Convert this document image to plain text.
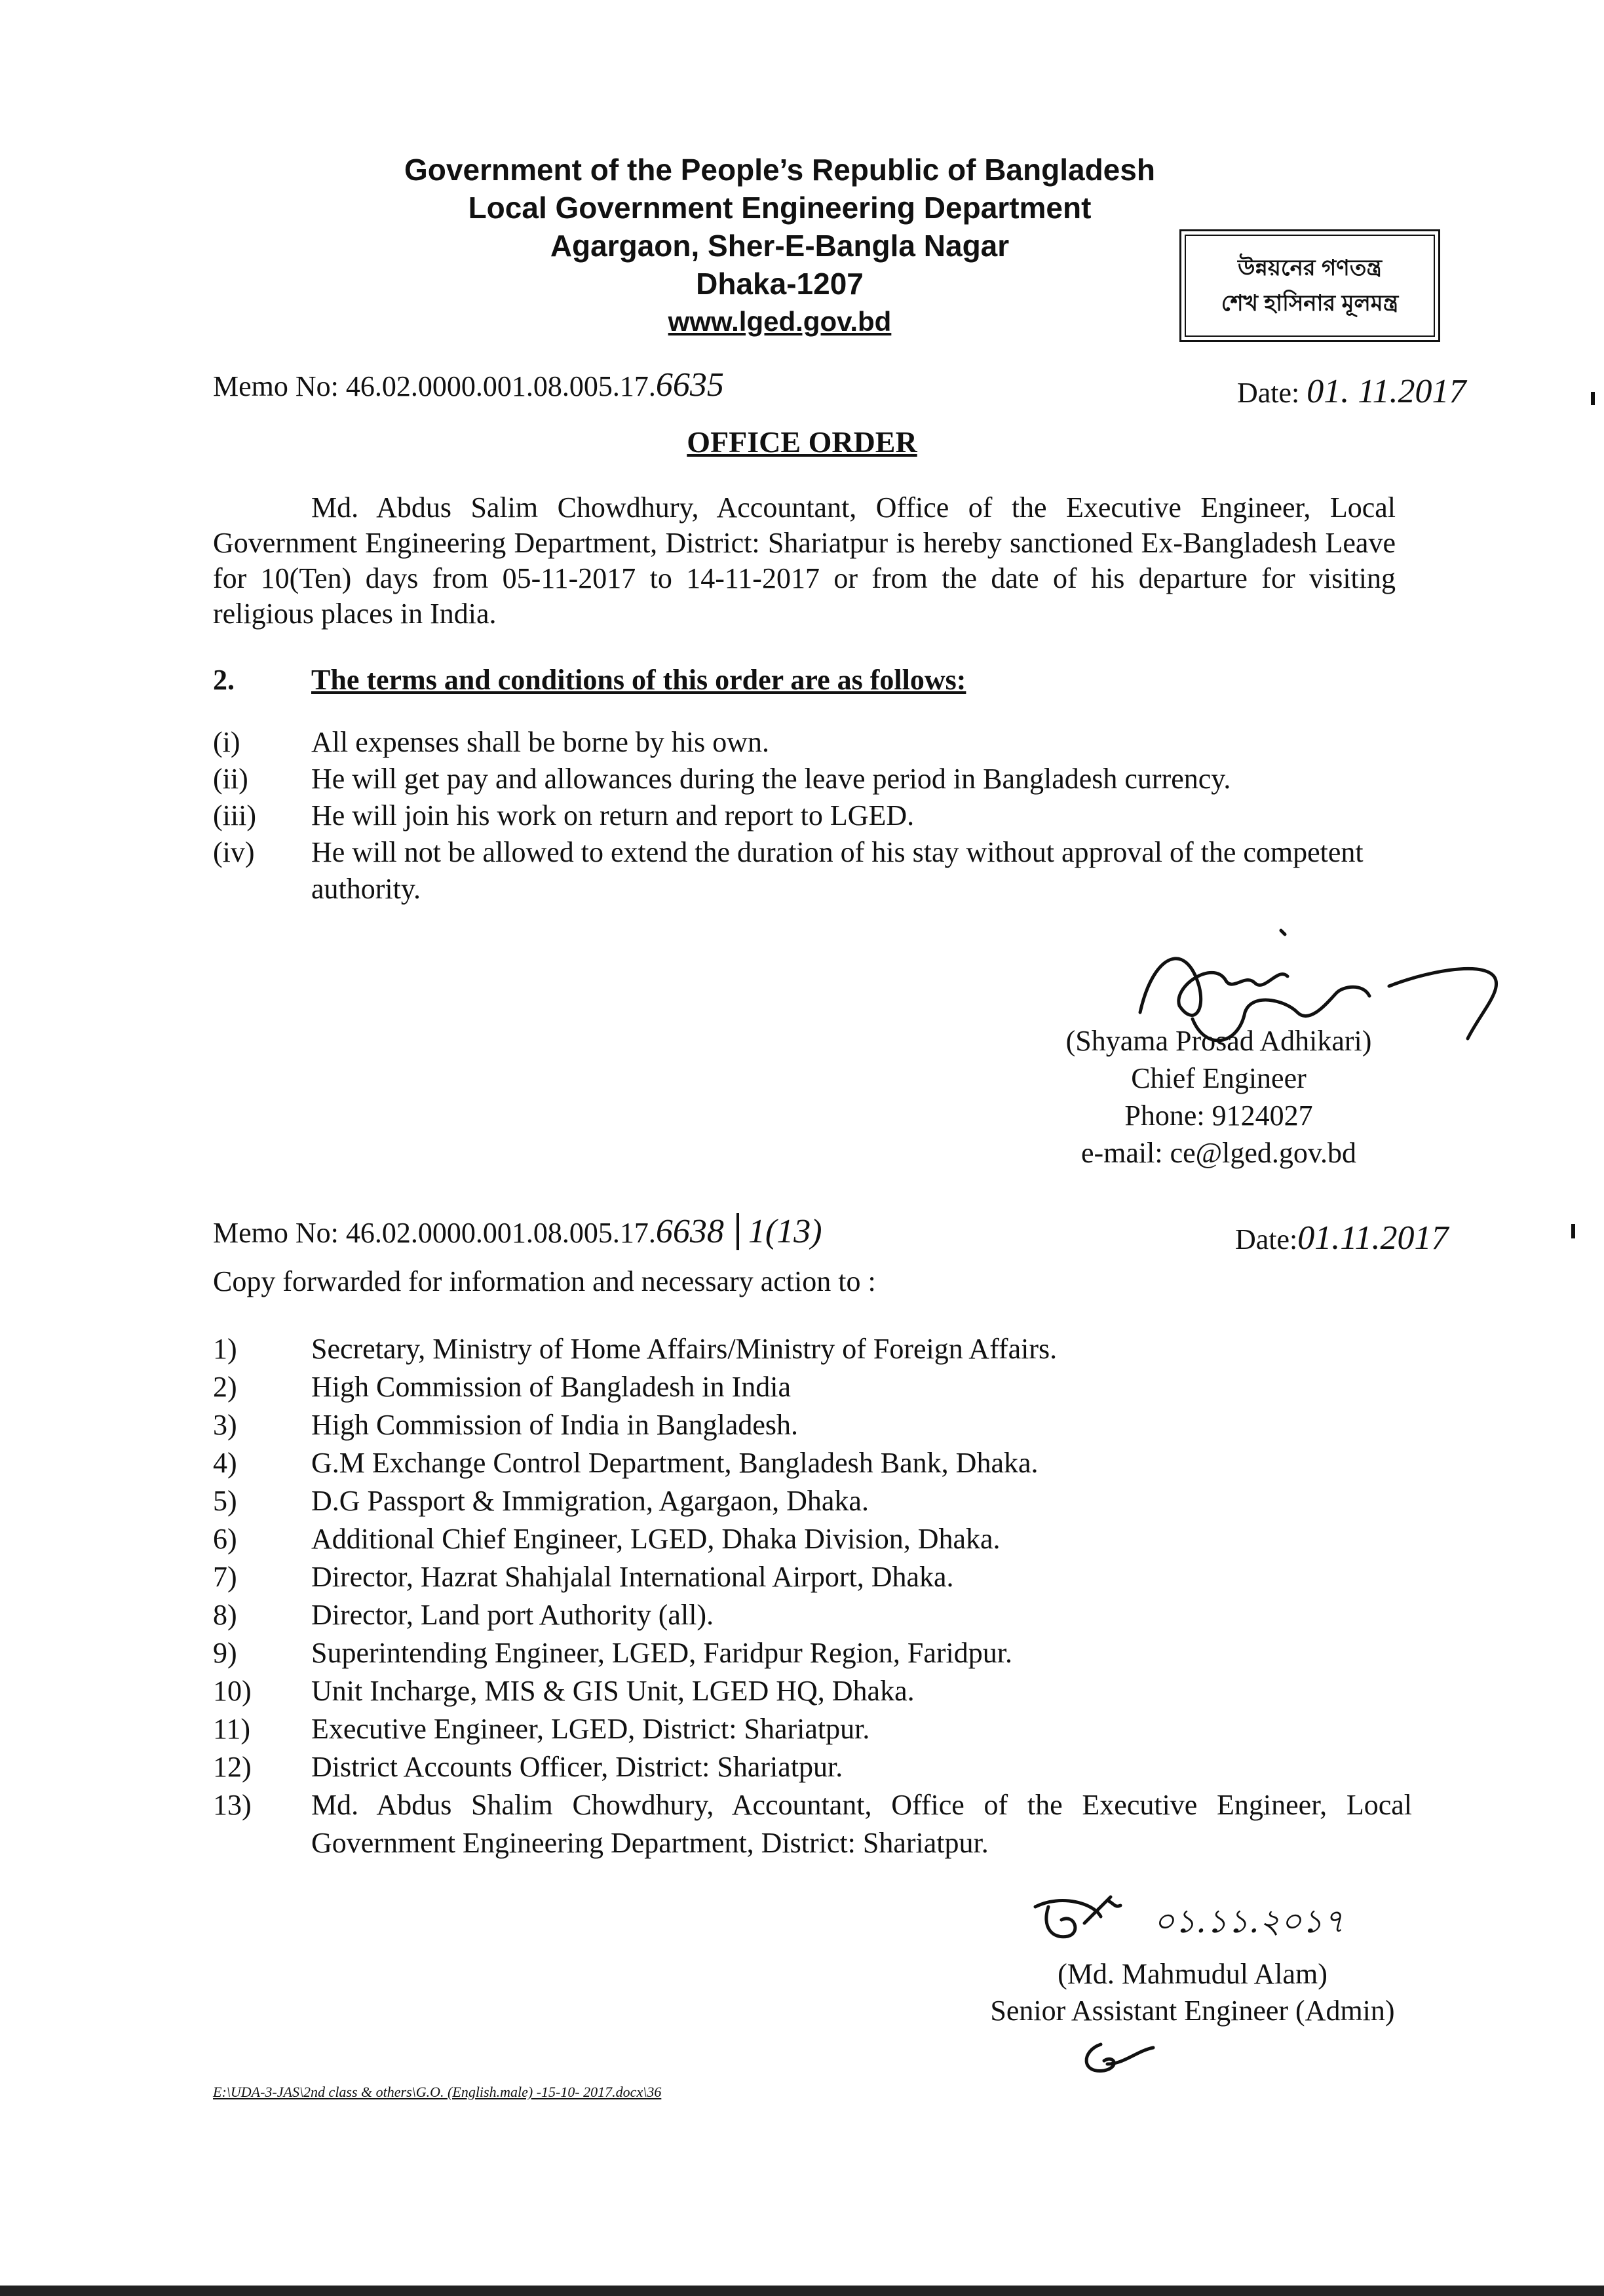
Government of the People’s Republic of Bangladesh
Local Government Engineering Department
Agargaon, Sher-E-Bangla Nagar
Dhaka-1207
www.lged.gov.bd
উন্নয়নের গণতন্ত্র
শেখ হাসিনার মূলমন্ত্র
Memo No: 46.02.0000.001.08.005.17.6635	Date: 01. 11.2017
OFFICE ORDER
Md. Abdus Salim Chowdhury, Accountant, Office of the Executive Engineer, Local Government Engineering Department, District: Shariatpur is hereby sanctioned Ex-Bangladesh Leave for 10(Ten) days from 05-11-2017 to 14-11-2017 or from the date of his departure for visiting religious places in India.
2.	The terms and conditions of this order are as follows:
(i)	All expenses shall be borne by his own.
(ii)	He will get pay and allowances during the leave period in Bangladesh currency.
(iii)	He will join his work on return and report to LGED.
(iv)	He will not be allowed to extend the duration of his stay without approval of the competent authority.
(Shyama Prosad Adhikari)
Chief Engineer
Phone: 9124027
e-mail: ce@lged.gov.bd
Memo No: 46.02.0000.001.08.005.17.6638 1(13)	Date:01.11.2017
Copy forwarded for information and necessary action to :
1)	Secretary, Ministry of Home Affairs/Ministry of Foreign Affairs.
2)	High Commission of Bangladesh in India
3)	High Commission of India in Bangladesh.
4)	G.M Exchange Control Department, Bangladesh Bank, Dhaka.
5)	D.G Passport & Immigration, Agargaon, Dhaka.
6)	Additional Chief Engineer, LGED, Dhaka Division, Dhaka.
7)	Director, Hazrat Shahjalal International Airport, Dhaka.
8)	Director, Land port Authority (all).
9)	Superintending Engineer, LGED, Faridpur Region, Faridpur.
10)	Unit Incharge, MIS & GIS Unit, LGED HQ, Dhaka.
11)	Executive Engineer, LGED, District: Shariatpur.
12)	District Accounts Officer, District: Shariatpur.
13)	Md. Abdus Shalim Chowdhury, Accountant, Office of the Executive Engineer, Local Government Engineering Department, District: Shariatpur.
০১.১১.২০১৭
(Md. Mahmudul Alam)
Senior Assistant Engineer (Admin)
E:\UDA-3-JAS\2nd class & others\G.O. (English.male) -15-10- 2017.docx\36
